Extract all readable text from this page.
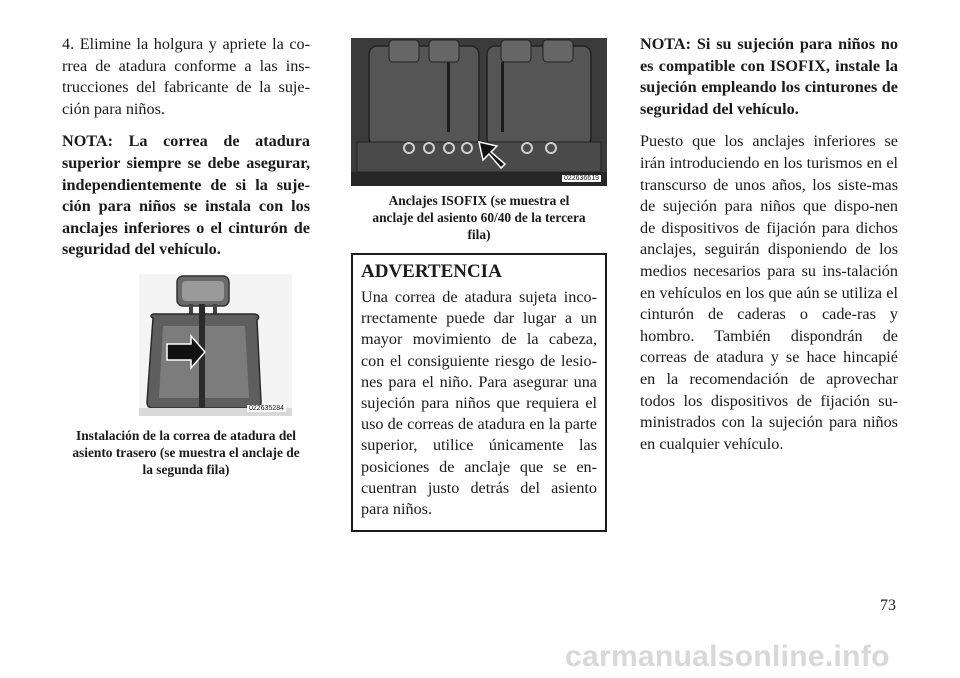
4. Elimine la holgura y apriete la co-rrea de atadura conforme a las ins-trucciones del fabricante de la suje-ción para niños.

NOTA: La correa de atadura superior siempre se debe asegurar, independientemente de si la suje-ción para niños se instala con los anclajes inferiores o el cinturón de seguridad del vehículo.

022635284

Instalación de la correa de atadura del asiento trasero (se muestra el anclaje de la segunda fila)

022636619

Anclajes ISOFIX (se muestra el anclaje del asiento 60/40 de la tercera fila)

ADVERTENCIA

Una correa de atadura sujeta inco-rrectamente puede dar lugar a un mayor movimiento de la cabeza, con el consiguiente riesgo de lesio-nes para el niño. Para asegurar una sujeción para niños que requiera el uso de correas de atadura en la parte superior, utilice únicamente las posiciones de anclaje que se en-cuentran justo detrás del asiento para niños.

NOTA: Si su sujeción para niños no es compatible con ISOFIX, instale la sujeción empleando los cinturones de seguridad del vehículo.

Puesto que los anclajes inferiores se irán introduciendo en los turismos en el transcurso de unos años, los siste-mas de sujeción para niños que dispo-nen de dispositivos de fijación para dichos anclajes, seguirán disponiendo de los medios necesarios para su ins-talación en vehículos en los que aún se utiliza el cinturón de caderas o cade-ras y hombro. También dispondrán de correas de atadura y se hace hincapié en la recomendación de aprovechar todos los dispositivos de fijación su-ministrados con la sujeción para niños en cualquier vehículo.

73
carmanualsonline.info
